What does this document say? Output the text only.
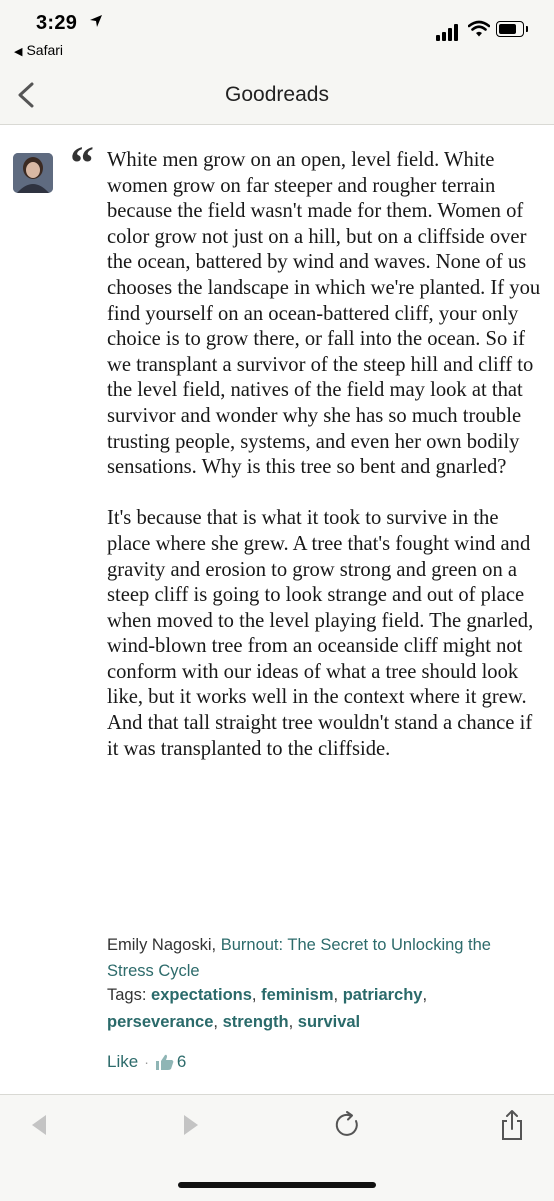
3:29
◀ Safari
Goodreads
“ White men grow on an open, level field. White women grow on far steeper and rougher terrain because the field wasn't made for them. Women of color grow not just on a hill, but on a cliffside over the ocean, battered by wind and waves. None of us chooses the landscape in which we're planted. If you find yourself on an ocean-battered cliff, your only choice is to grow there, or fall into the ocean. So if we transplant a survivor of the steep hill and cliff to the level field, natives of the field may look at that survivor and wonder why she has so much trouble trusting people, systems, and even her own bodily sensations. Why is this tree so bent and gnarled?

It's because that is what it took to survive in the place where she grew. A tree that's fought wind and gravity and erosion to grow strong and green on a steep cliff is going to look strange and out of place when moved to the level playing field. The gnarled, wind-blown tree from an oceanside cliff might not conform with our ideas of what a tree should look like, but it works well in the context where it grew. And that tall straight tree wouldn't stand a chance if it was transplanted to the cliffside.

Emily Nagoski, Burnout: The Secret to Unlocking the Stress Cycle
Tags: expectations, feminism, patriarchy, perseverance, strength, survival
Like · 6
